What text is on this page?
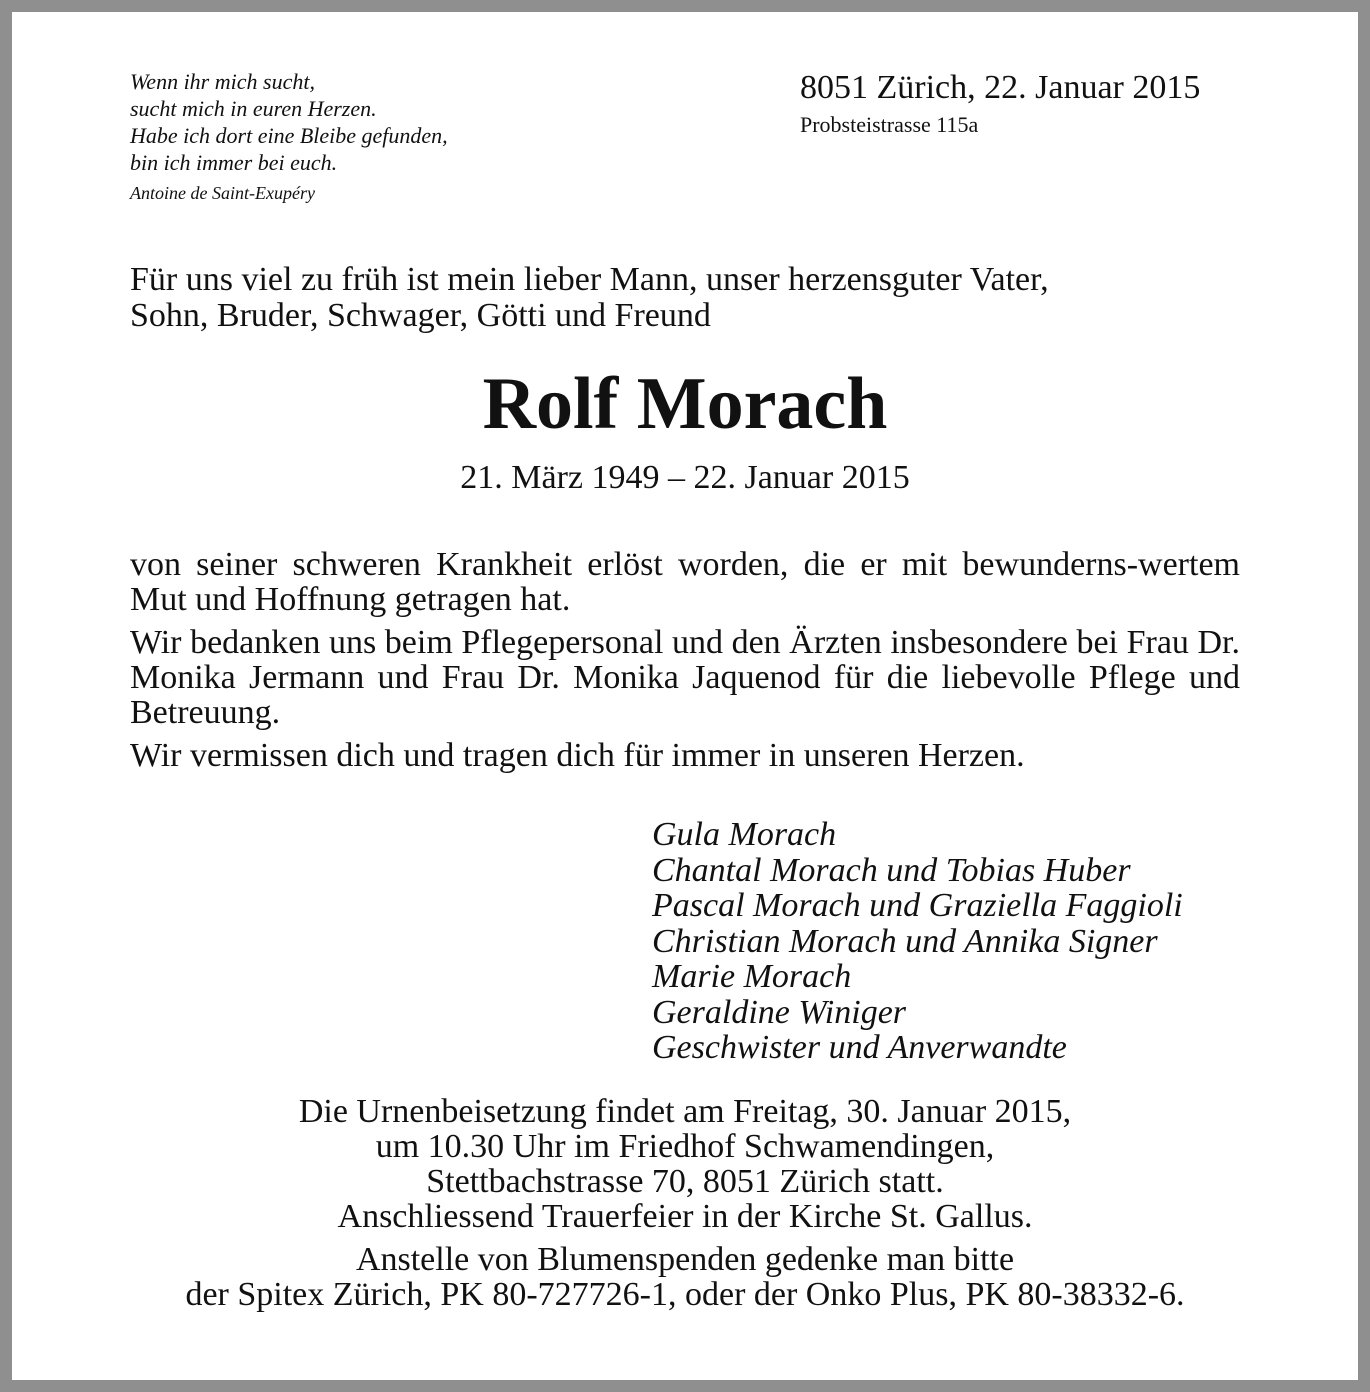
Wenn ihr mich sucht,
sucht mich in euren Herzen.
Habe ich dort eine Bleibe gefunden,
bin ich immer bei euch.
Antoine de Saint-Exupéry
8051 Zürich, 22. Januar 2015
Probsteistrasse 115a
Für uns viel zu früh ist mein lieber Mann, unser herzensguter Vater,
Sohn, Bruder, Schwager, Götti und Freund
Rolf Morach
21. März 1949 – 22. Januar 2015

von seiner schweren Krankheit erlöst worden, die er mit bewunderns-wertem Mut und Hoffnung getragen hat.

Wir bedanken uns beim Pflegepersonal und den Ärzten insbesondere bei Frau Dr. Monika Jermann und Frau Dr. Monika Jaquenod für die liebevolle Pflege und Betreuung.

Wir vermissen dich und tragen dich für immer in unseren Herzen.

Gula Morach
Chantal Morach und Tobias Huber
Pascal Morach und Graziella Faggioli
Christian Morach und Annika Signer
Marie Morach
Geraldine Winiger
Geschwister und Anverwandte
Die Urnenbeisetzung findet am Freitag, 30. Januar 2015,
um 10.30 Uhr im Friedhof Schwamendingen,
Stettbachstrasse 70, 8051 Zürich statt.
Anschliessend Trauerfeier in der Kirche St. Gallus.
Anstelle von Blumenspenden gedenke man bitte
der Spitex Zürich, PK 80-727726-1, oder der Onko Plus, PK 80-38332-6.
